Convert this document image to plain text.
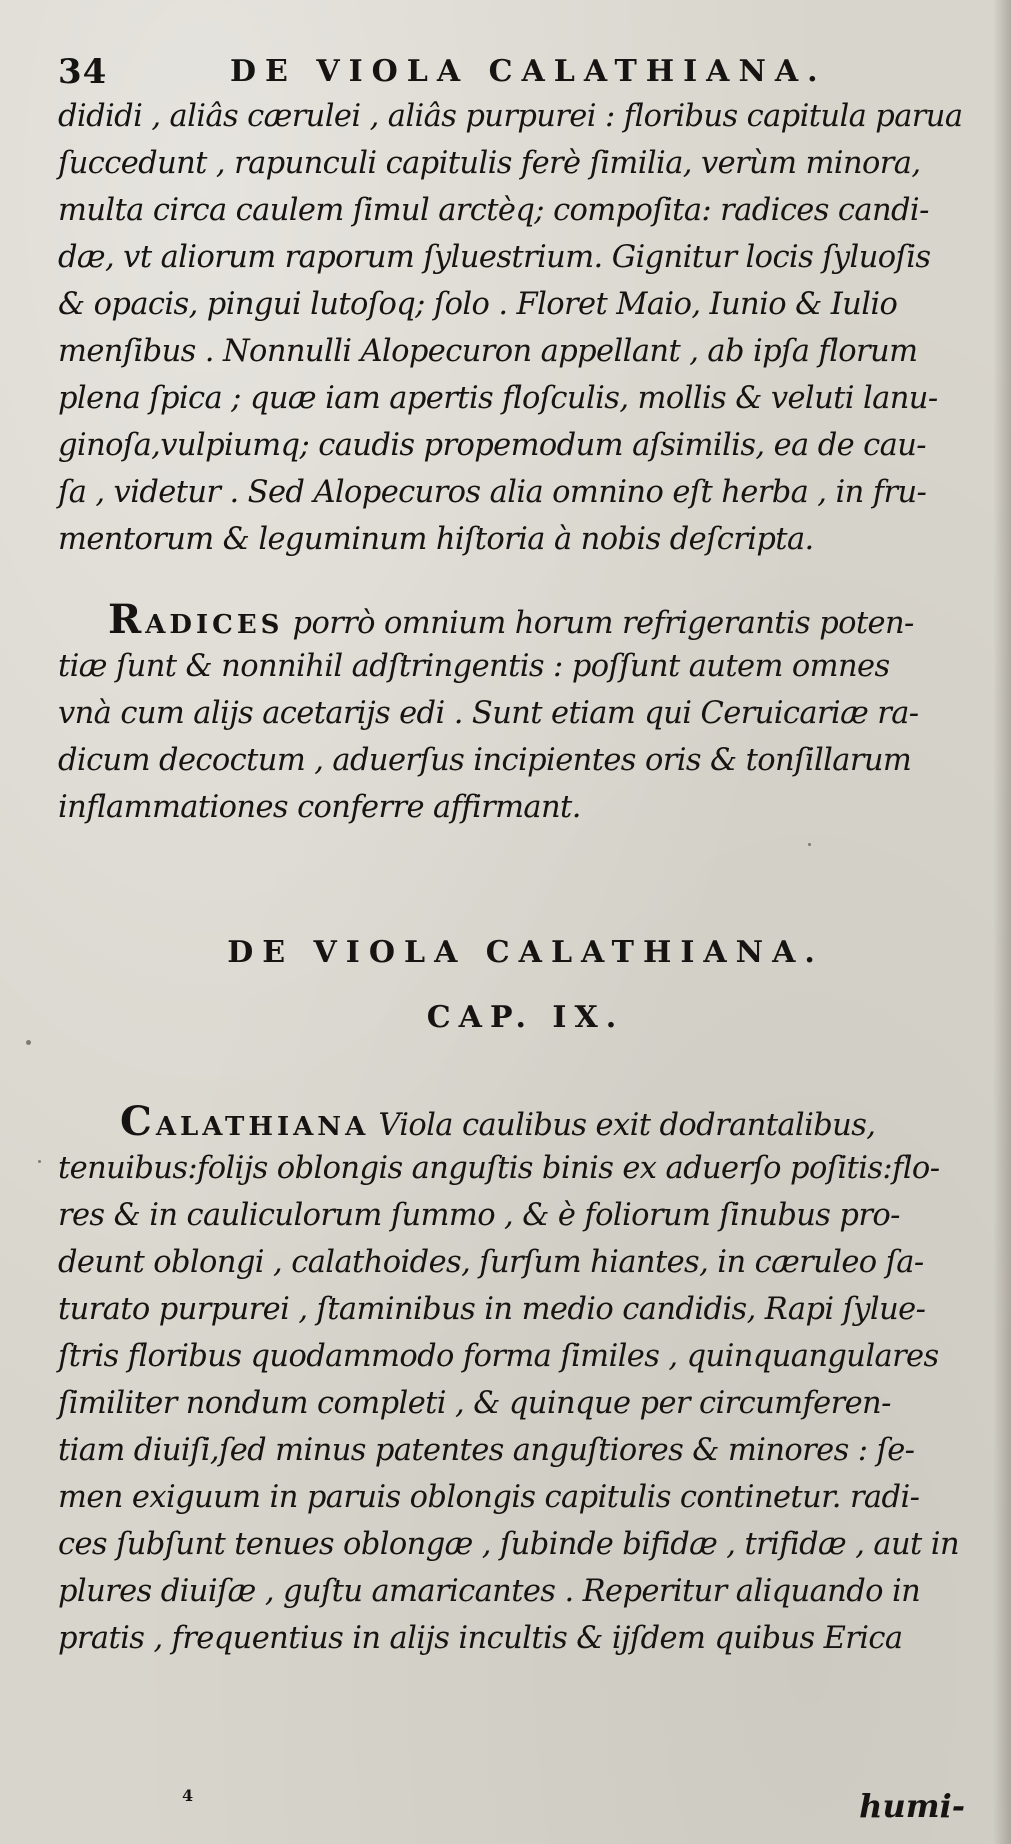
34	DE VIOLA CALATHIANA.
dididi , aliâs cærulei , aliâs purpurei : floribus capitula parua
ſuccedunt , rapunculi capitulis ferè ſimilia, verùm minora,
multa circa caulem ſimul arctèq; compoſita: radices candi-
dæ, vt aliorum raporum ſyluestrium. Gignitur locis ſyluoſis
& opacis, pingui lutoſoq; ſolo . Floret Maio, Iunio & Iulio
menſibus . Nonnulli Alopecuron appellant , ab ipſa florum
plena ſpica ; quæ iam apertis floſculis, mollis & veluti lanu-
ginoſa,vulpiumq; caudis propemodum aſsimilis, ea de cau-
ſa , videtur . Sed Alopecuros alia omnino eſt herba , in fru-
mentorum & leguminum hiſtoria à nobis deſcripta.
RADICES porrò omnium horum refrigerantis poten-
tiæ ſunt & nonnihil adſtringentis : poſſunt autem omnes
vnà cum alijs acetarijs edi . Sunt etiam qui Ceruicariæ ra-
dicum decoctum , aduerſus incipientes oris & tonſillarum
inflammationes conferre affirmant.
DE VIOLA CALATHIANA.
CAP. IX.
CALATHIANA Viola caulibus exit dodrantalibus,
tenuibus:folijs oblongis anguſtis binis ex aduerſo poſitis:flo-
res & in cauliculorum ſummo , & è foliorum ſinubus pro-
deunt oblongi , calathoides, ſurſum hiantes, in cæruleo ſa-
turato purpurei , ſtaminibus in medio candidis, Rapi ſylue-
ſtris floribus quodammodo forma ſimiles , quinquangulares
ſimiliter nondum completi , & quinque per circumferen-
tiam diuiſi,ſed minus patentes anguſtiores & minores : ſe-
men exiguum in paruis oblongis capitulis continetur. radi-
ces ſubſunt tenues oblongæ , ſubinde bifidæ , trifidæ , aut in
plures diuiſæ , guſtu amaricantes . Reperitur aliquando in
pratis , frequentius in alijs incultis & ijſdem quibus Erica
4	humi-
